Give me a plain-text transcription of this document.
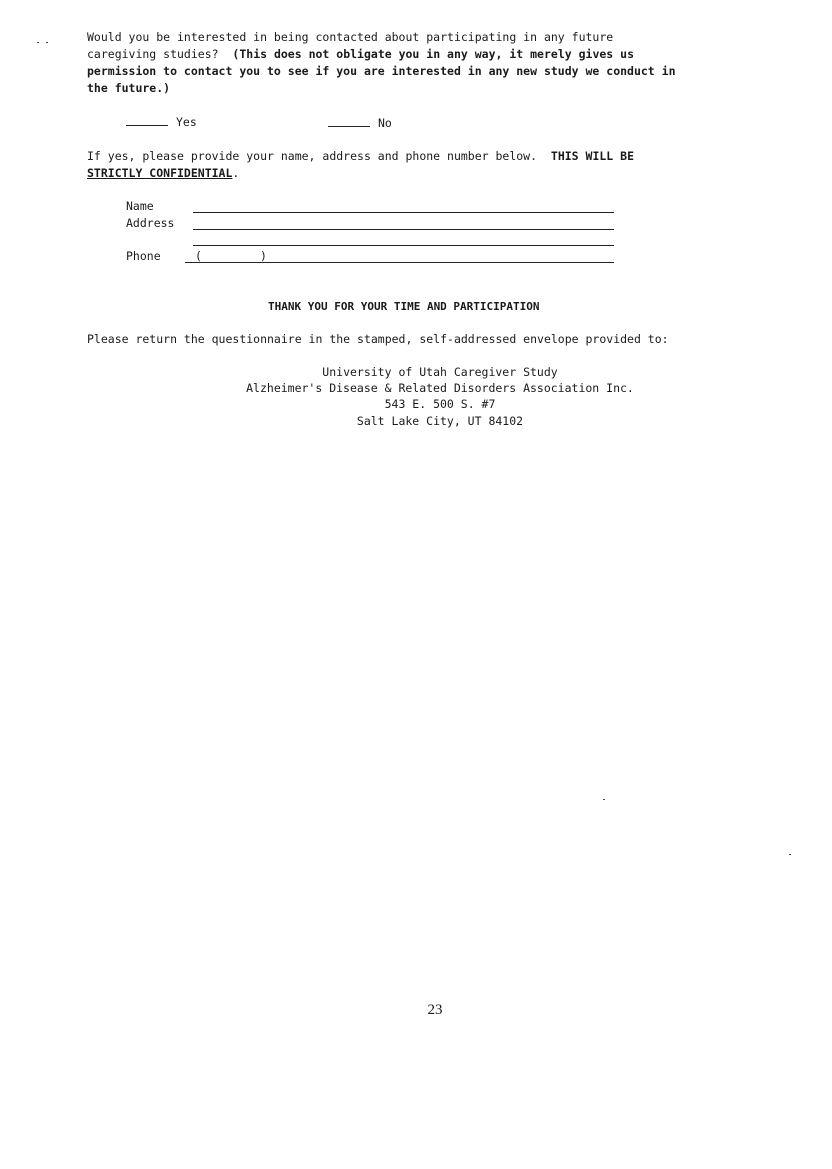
Would you be interested in being contacted about participating in any future
caregiving studies? (This does not obligate you in any way, it merely gives us
permission to contact you to see if you are interested in any new study we conduct in
the future.)
Yes	No
If yes, please provide your name, address and phone number below. THIS WILL BE
STRICTLY CONFIDENTIAL.
Name
Address
Phone	(	)
THANK YOU FOR YOUR TIME AND PARTICIPATION
Please return the questionnaire in the stamped, self-addressed envelope provided to:
University of Utah Caregiver Study
Alzheimer's Disease & Related Disorders Association Inc.
543 E. 500 S. #7
Salt Lake City, UT 84102
23
